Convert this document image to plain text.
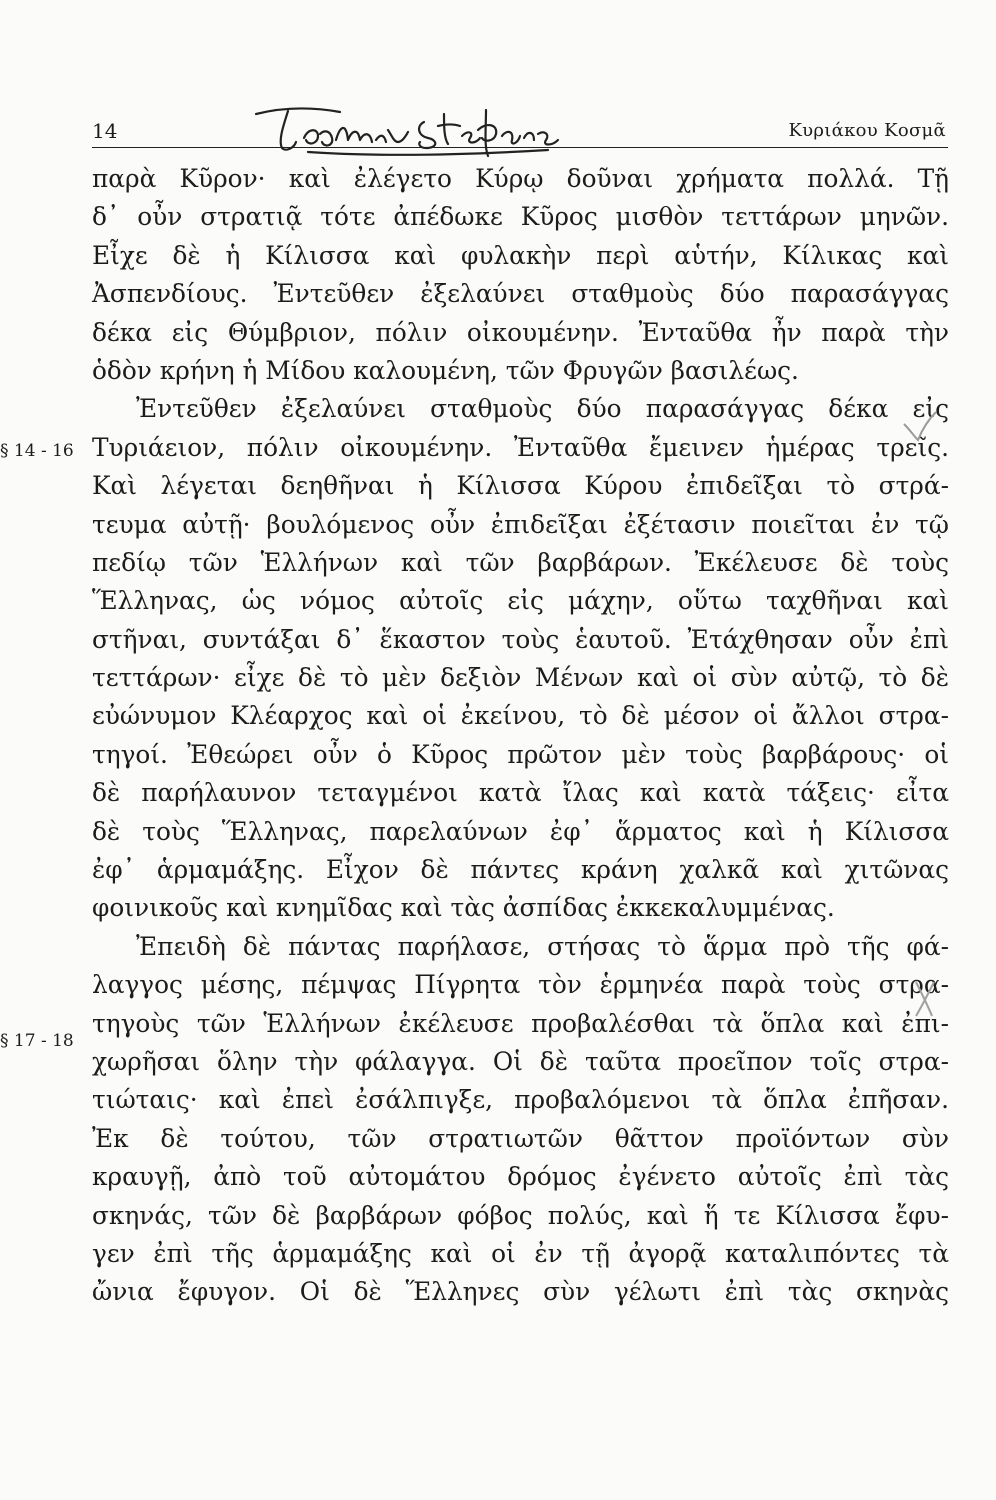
14	Κυριάκου Κοσμᾶ
παρὰ Κῦρον· καὶ ἐλέγετο Κύρῳ δοῦναι χρήματα πολλά. Τῇ
δ᾽ οὖν στρατιᾷ τότε ἀπέδωκε Κῦρος μισθὸν τεττάρων μηνῶν.
Εἶχε δὲ ἡ Κίλισσα καὶ φυλακὴν περὶ αὑτήν, Κίλικας καὶ
Ἀσπενδίους. Ἐντεῦθεν ἐξελαύνει σταθμοὺς δύο παρασάγγας
δέκα εἰς Θύμβριον, πόλιν οἰκουμένην. Ἐνταῦθα ἦν παρὰ τὴν
ὁδὸν κρήνη ἡ Μίδου καλουμένη, τῶν Φρυγῶν βασιλέως.
Ἐντεῦθεν ἐξελαύνει σταθμοὺς δύο παρασάγγας δέκα εἰς
Τυριάειον, πόλιν οἰκουμένην. Ἐνταῦθα ἔμεινεν ἡμέρας τρεῖς.
Καὶ λέγεται δεηθῆναι ἡ Κίλισσα Κύρου ἐπιδεῖξαι τὸ στρά-
τευμα αὐτῇ· βουλόμενος οὖν ἐπιδεῖξαι ἐξέτασιν ποιεῖται ἐν τῷ
πεδίῳ τῶν Ἑλλήνων καὶ τῶν βαρβάρων. Ἐκέλευσε δὲ τοὺς
Ἕλληνας, ὡς νόμος αὐτοῖς εἰς μάχην, οὕτω ταχθῆναι καὶ
στῆναι, συντάξαι δ᾽ ἕκαστον τοὺς ἑαυτοῦ. Ἐτάχθησαν οὖν ἐπὶ
τεττάρων· εἶχε δὲ τὸ μὲν δεξιὸν Μένων καὶ οἱ σὺν αὐτῷ, τὸ δὲ
εὐώνυμον Κλέαρχος καὶ οἱ ἐκείνου, τὸ δὲ μέσον οἱ ἄλλοι στρα-
τηγοί. Ἐθεώρει οὖν ὁ Κῦρος πρῶτον μὲν τοὺς βαρβάρους· οἱ
δὲ παρήλαυνον τεταγμένοι κατὰ ἴλας καὶ κατὰ τάξεις· εἶτα
δὲ τοὺς Ἕλληνας, παρελαύνων ἐφ᾽ ἅρματος καὶ ἡ Κίλισσα
ἐφ᾽ ἁρμαμάξης. Εἶχον δὲ πάντες κράνη χαλκᾶ καὶ χιτῶνας
φοινικοῦς καὶ κνημῖδας καὶ τὰς ἀσπίδας ἐκκεκαλυμμένας.
Ἐπειδὴ δὲ πάντας παρήλασε, στήσας τὸ ἅρμα πρὸ τῆς φά-
λαγγος μέσης, πέμψας Πίγρητα τὸν ἑρμηνέα παρὰ τοὺς στρα-
τηγοὺς τῶν Ἑλλήνων ἐκέλευσε προβαλέσθαι τὰ ὅπλα καὶ ἐπι-
χωρῆσαι ὅλην τὴν φάλαγγα. Οἱ δὲ ταῦτα προεῖπον τοῖς στρα-
τιώταις· καὶ ἐπεὶ ἐσάλπιγξε, προβαλόμενοι τὰ ὅπλα ἐπῆσαν.
Ἐκ δὲ τούτου, τῶν στρατιωτῶν θᾶττον προϊόντων σὺν
κραυγῇ, ἀπὸ τοῦ αὐτομάτου δρόμος ἐγένετο αὐτοῖς ἐπὶ τὰς
σκηνάς, τῶν δὲ βαρβάρων φόβος πολύς, καὶ ἥ τε Κίλισσα ἔφυ-
γεν ἐπὶ τῆς ἁρμαμάξης καὶ οἱ ἐν τῇ ἀγορᾷ καταλιπόντες τὰ
ὤνια ἔφυγον. Οἱ δὲ Ἕλληνες σὺν γέλωτι ἐπὶ τὰς σκηνὰς
§ 14 - 16
§ 17 - 18
